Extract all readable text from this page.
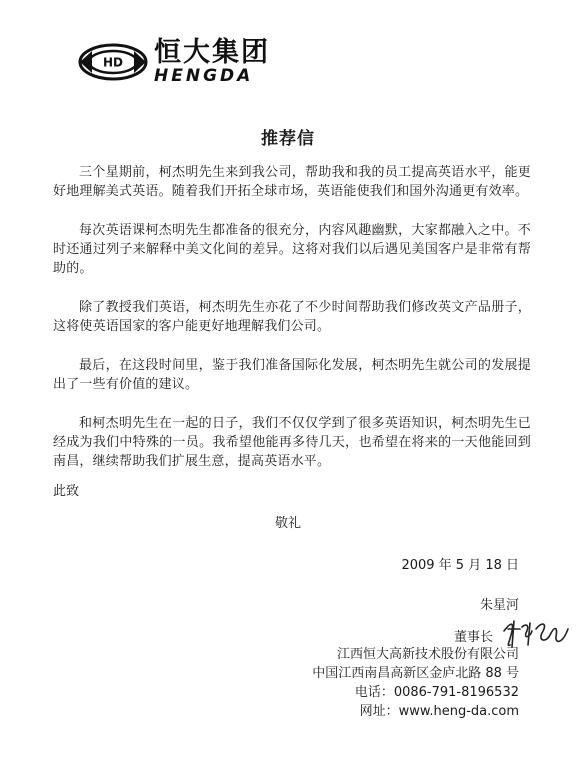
HD 恒大集团
HENGDA
推荐信

三个星期前，柯杰明先生来到我公司，帮助我和我的员工提高英语水平，能更好地理解美式英语。随着我们开拓全球市场，英语能使我们和国外沟通更有效率。

每次英语课柯杰明先生都准备的很充分，内容风趣幽默，大家都融入之中。不时还通过列子来解释中美文化间的差异。这将对我们以后遇见美国客户是非常有帮助的。

除了教授我们英语，柯杰明先生亦花了不少时间帮助我们修改英文产品册子，这将使英语国家的客户能更好地理解我们公司。

最后，在这段时间里，鉴于我们准备国际化发展，柯杰明先生就公司的发展提出了一些有价值的建议。

和柯杰明先生在一起的日子，我们不仅仅学到了很多英语知识，柯杰明先生已经成为我们中特殊的一员。我希望他能再多待几天，也希望在将来的一天他能回到南昌，继续帮助我们扩展生意，提高英语水平。

此致
敬礼
2009 年 5 月 18 日
朱星河
董事长
江西恒大高新技术股份有限公司
中国江西南昌高新区金庐北路 88 号
电话：0086-791-8196532
网址：www.heng-da.com
